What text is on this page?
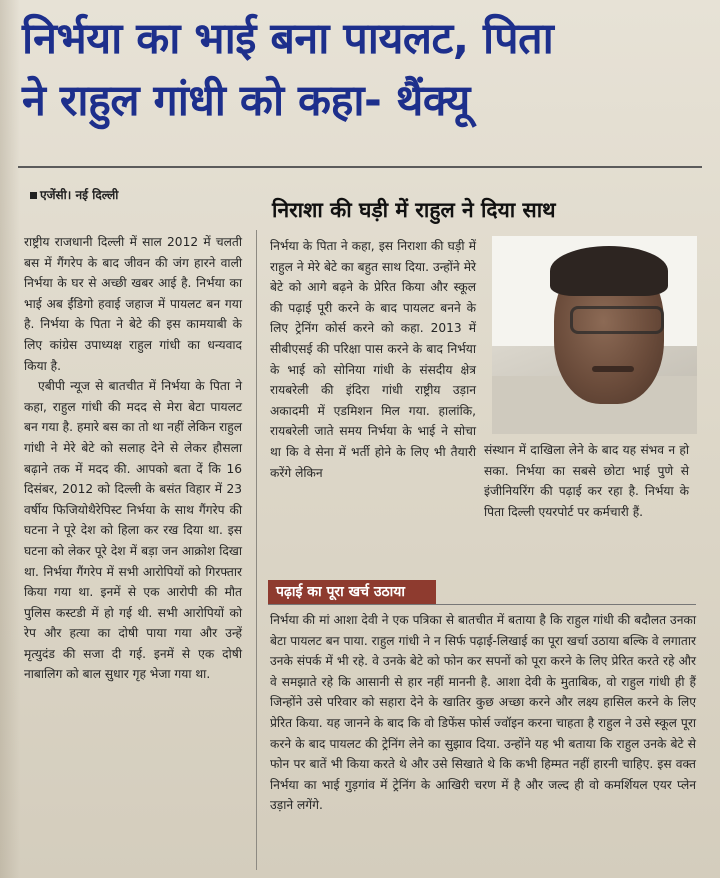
निर्भया का भाई बना पायलट, पिता
ने राहुल गांधी को कहा- थैंक्यू
एजेंसी। नई दिल्ली
निराशा की घड़ी में राहुल ने दिया साथ

राष्ट्रीय राजधानी दिल्ली में साल 2012 में चलती बस में गैंगरेप के बाद जीवन की जंग हारने वाली निर्भया के घर से अच्छी खबर आई है. निर्भया का भाई अब ईंडिगो हवाई जहाज में पायलट बन गया है. निर्भया के पिता ने बेटे की इस कामयाबी के लिए कांग्रेस उपाध्यक्ष राहुल गांधी का धन्यवाद किया है.

एबीपी न्यूज से बातचीत में निर्भया के पिता ने कहा, राहुल गांधी की मदद से मेरा बेटा पायलट बन गया है. हमारे बस का तो था नहीं लेकिन राहुल गांधी ने मेरे बेटे को सलाह देने से लेकर हौसला बढ़ाने तक में मदद की. आपको बता दें कि 16 दिसंबर, 2012 को दिल्ली के बसंत विहार में 23 वर्षीय फिजियोथैरेपिस्ट निर्भया के साथ गैंगरेप की घटना ने पूरे देश को हिला कर रख दिया था. इस घटना को लेकर पूरे देश में बड़ा जन आक्रोश दिखा था. निर्भया गैंगरेप में सभी आरोपियों को गिरफ्तार किया गया था. इनमें से एक आरोपी की मौत पुलिस कस्टडी में हो गई थी. सभी आरोपियों को रेप और हत्या का दोषी पाया गया और उन्हें मृत्युदंड की सजा दी गई. इनमें से एक दोषी नाबालिग को बाल सुधार गृह भेजा गया था.

निर्भया के पिता ने कहा, इस निराशा की घड़ी में राहुल ने मेरे बेटे का बहुत साथ दिया. उन्होंने मेरे बेटे को आगे बढ़ने के प्रेरित किया और स्कूल की पढ़ाई पूरी करने के बाद पायलट बनने के लिए ट्रेनिंग कोर्स करने को कहा. 2013 में सीबीएसई की परिक्षा पास करने के बाद निर्भया के भाई को सोनिया गांधी के संसदीय क्षेत्र रायबरेली की इंदिरा गांधी राष्ट्रीय उड़ान अकादमी में एडमिशन मिल गया. हालांकि, रायबरेली जाते समय निर्भया के भाई ने सोचा था कि वे सेना में भर्ती होने के लिए भी तैयारी करेंगे लेकिन

संस्थान में दाखिला लेने के बाद यह संभव न हो सका. निर्भया का सबसे छोटा भाई पुणे से इंजीनियरिंग की पढ़ाई कर रहा है. निर्भया के पिता दिल्ली एयरपोर्ट पर कर्मचारी हैं.

पढ़ाई का पूरा खर्च उठाया

निर्भया की मां आशा देवी ने एक पत्रिका से बातचीत में बताया है कि राहुल गांधी की बदौलत उनका बेटा पायलट बन पाया. राहुल गांधी ने न सिर्फ पढ़ाई-लिखाई का पूरा खर्चा उठाया बल्कि वे लगातार उनके संपर्क में भी रहे. वे उनके बेटे को फोन कर सपनों को पूरा करने के लिए प्रेरित करते रहे और वे समझाते रहे कि आसानी से हार नहीं माननी है. आशा देवी के मुताबिक, वो राहुल गांधी ही हैं जिन्होंने उसे परिवार को सहारा देने के खातिर कुछ अच्छा करने और लक्ष्य हासिल करने के लिए प्रेरित किया. यह जानने के बाद कि वो डिफेंस फोर्स ज्वॉइन करना चाहता है राहुल ने उसे स्कूल पूरा करने के बाद पायलट की ट्रेनिंग लेने का सुझाव दिया. उन्होंने यह भी बताया कि राहुल उनके बेटे से फोन पर बातें भी किया करते थे और उसे सिखाते थे कि कभी हिम्मत नहीं हारनी चाहिए. इस वक्त निर्भया का भाई गुड़गांव में ट्रेनिंग के आखिरी चरण में है और जल्द ही वो कमर्शियल एयर प्लेन उड़ाने लगेंगे.
